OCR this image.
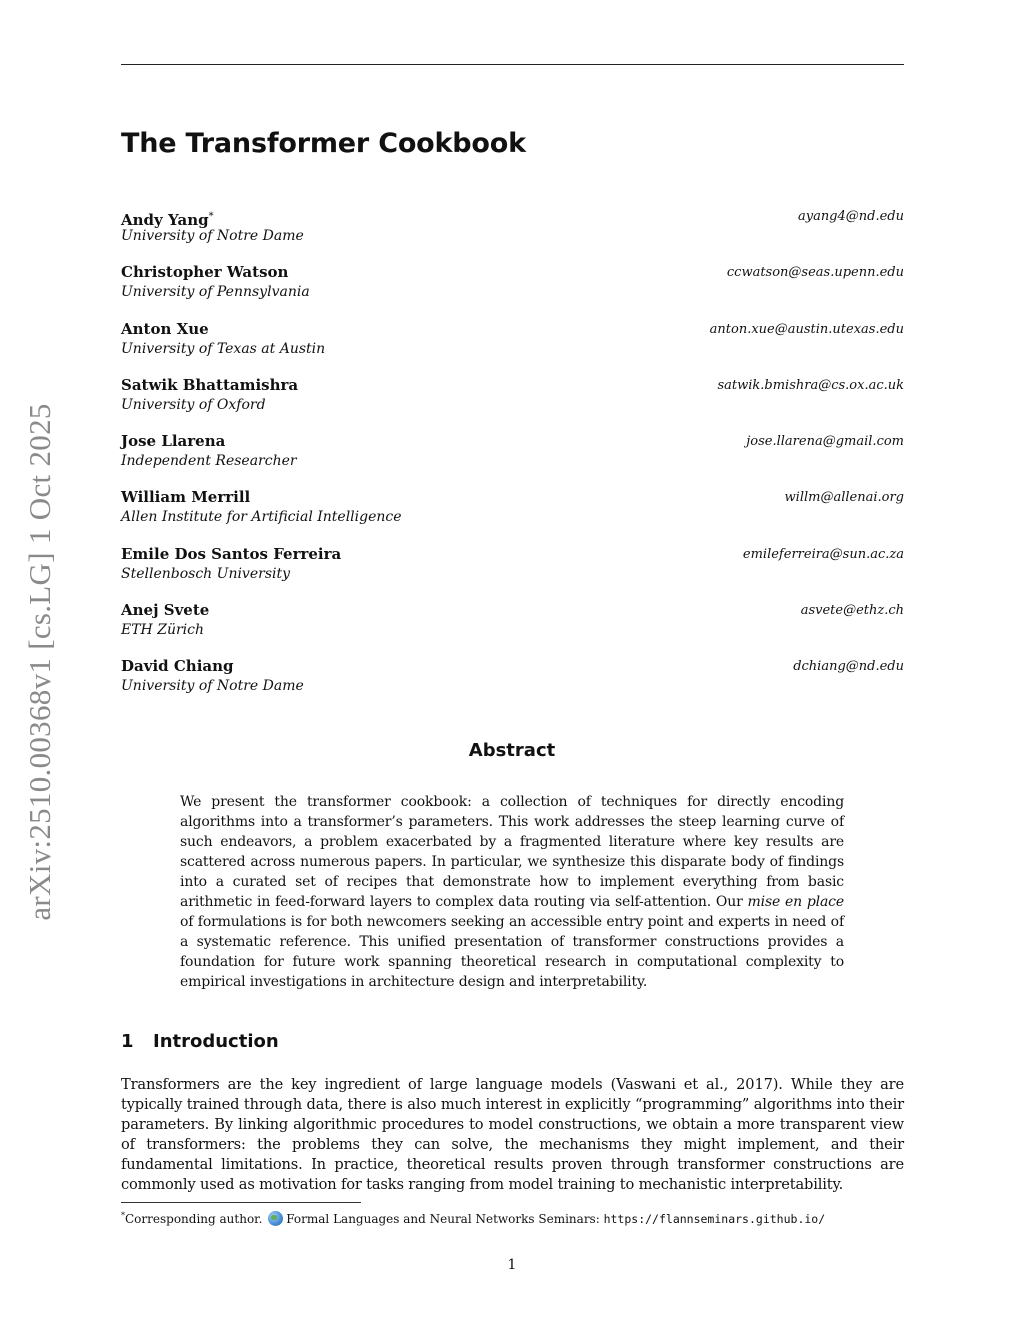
arXiv:2510.00368v1 [cs.LG] 1 Oct 2025
The Transformer Cookbook
Andy Yang*
University of Notre Dame
ayang4@nd.edu
Christopher Watson
University of Pennsylvania
ccwatson@seas.upenn.edu
Anton Xue
University of Texas at Austin
anton.xue@austin.utexas.edu
Satwik Bhattamishra
University of Oxford
satwik.bmishra@cs.ox.ac.uk
Jose Llarena
Independent Researcher
jose.llarena@gmail.com
William Merrill
Allen Institute for Artificial Intelligence
willm@allenai.org
Emile Dos Santos Ferreira
Stellenbosch University
emileferreira@sun.ac.za
Anej Svete
ETH Zürich
asvete@ethz.ch
David Chiang
University of Notre Dame
dchiang@nd.edu
Abstract

We present the transformer cookbook: a collection of techniques for directly encoding algorithms into a transformer’s parameters. This work addresses the steep learning curve of such endeavors, a problem exacerbated by a fragmented literature where key results are scattered across numerous papers. In particular, we synthesize this disparate body of findings into a curated set of recipes that demonstrate how to implement everything from basic arithmetic in feed-forward layers to complex data routing via self-attention. Our mise en place of formulations is for both newcomers seeking an accessible entry point and experts in need of a systematic reference. This unified presentation of transformer constructions provides a foundation for future work spanning theoretical research in computational complexity to empirical investigations in architecture design and interpretability.

1 Introduction

Transformers are the key ingredient of large language models (Vaswani et al., 2017). While they are typically trained through data, there is also much interest in explicitly “programming” algorithms into their parameters. By linking algorithmic procedures to model constructions, we obtain a more transparent view of transformers: the problems they can solve, the mechanisms they might implement, and their fundamental limitations. In practice, theoretical results proven through transformer constructions are commonly used as motivation for tasks ranging from model training to mechanistic interpretability.

*Corresponding author. Formal Languages and Neural Networks Seminars: https://flannseminars.github.io/
1
